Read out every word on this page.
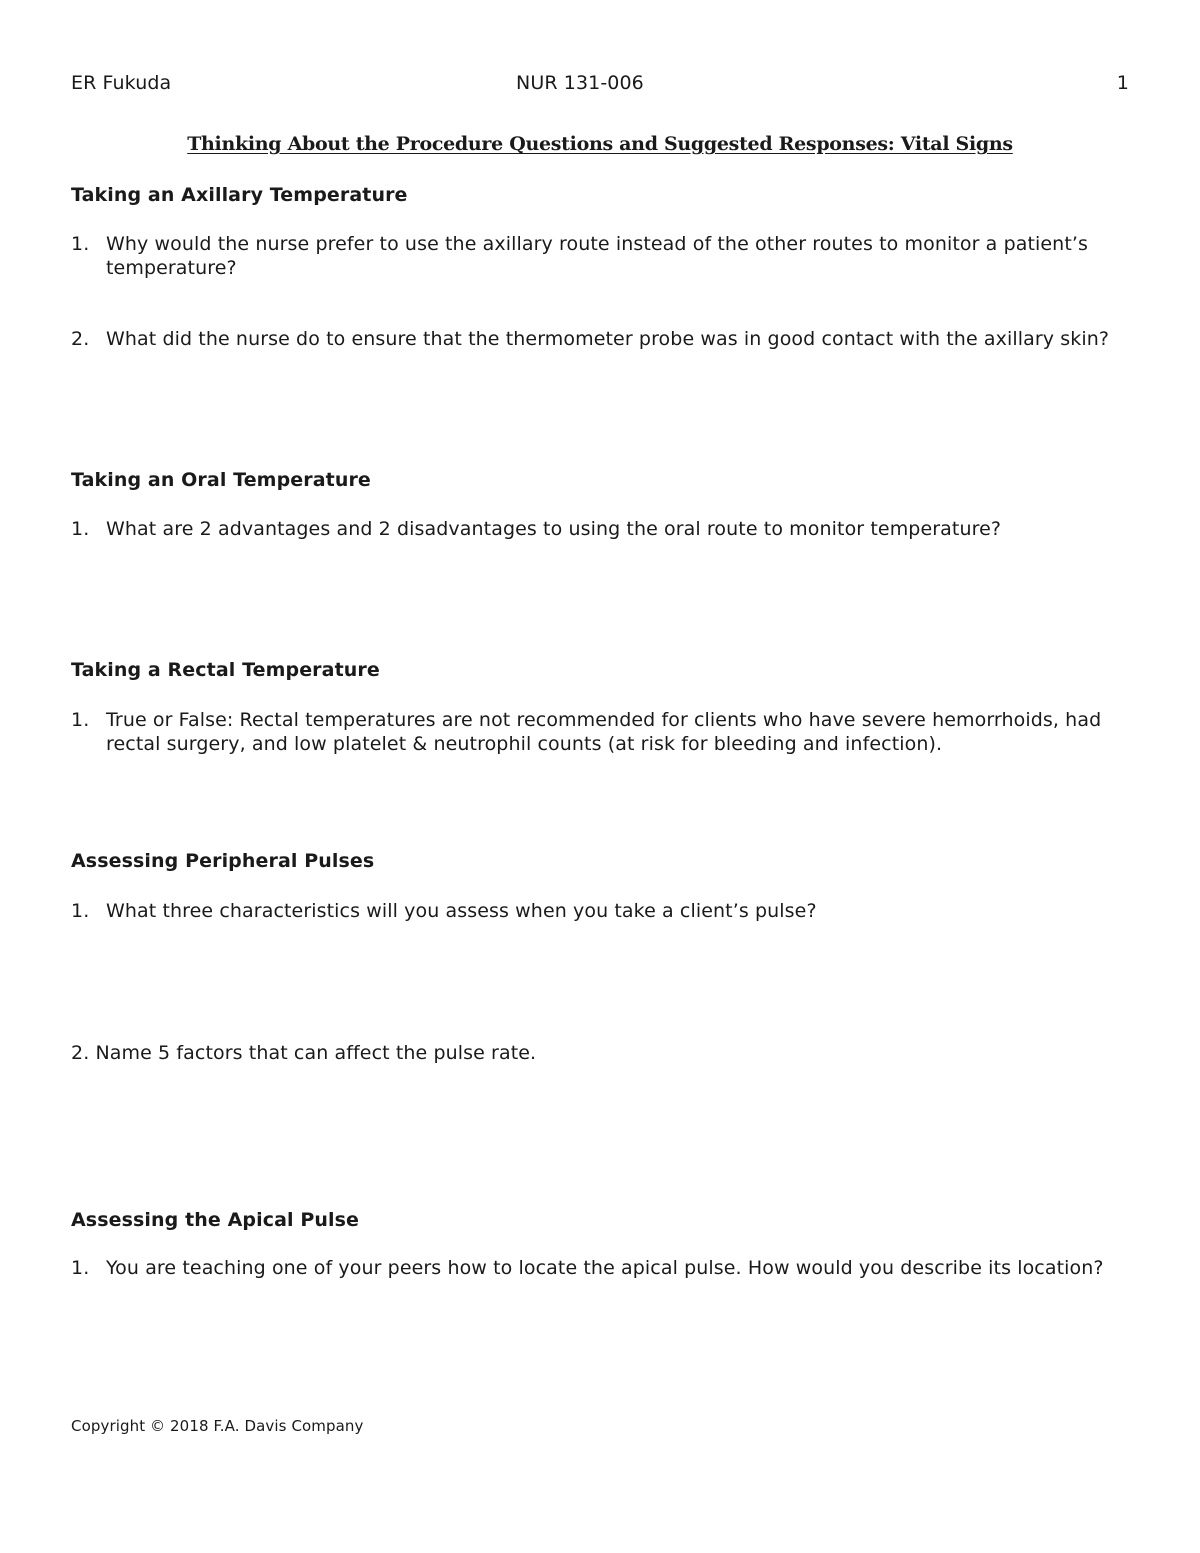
ER Fukuda	NUR 131-006	1
Thinking About the Procedure Questions and Suggested Responses: Vital Signs
Taking an Axillary Temperature
1. Why would the nurse prefer to use the axillary route instead of the other routes to monitor a patient’s temperature?
2. What did the nurse do to ensure that the thermometer probe was in good contact with the axillary skin?
Taking an Oral Temperature
1. What are 2 advantages and 2 disadvantages to using the oral route to monitor temperature?
Taking a Rectal Temperature
1. True or False: Rectal temperatures are not recommended for clients who have severe hemorrhoids, had rectal surgery, and low platelet & neutrophil counts (at risk for bleeding and infection).
Assessing Peripheral Pulses
1. What three characteristics will you assess when you take a client’s pulse?
2. Name 5 factors that can affect the pulse rate.
Assessing the Apical Pulse
1. You are teaching one of your peers how to locate the apical pulse. How would you describe its location?
Copyright © 2018 F.A. Davis Company
